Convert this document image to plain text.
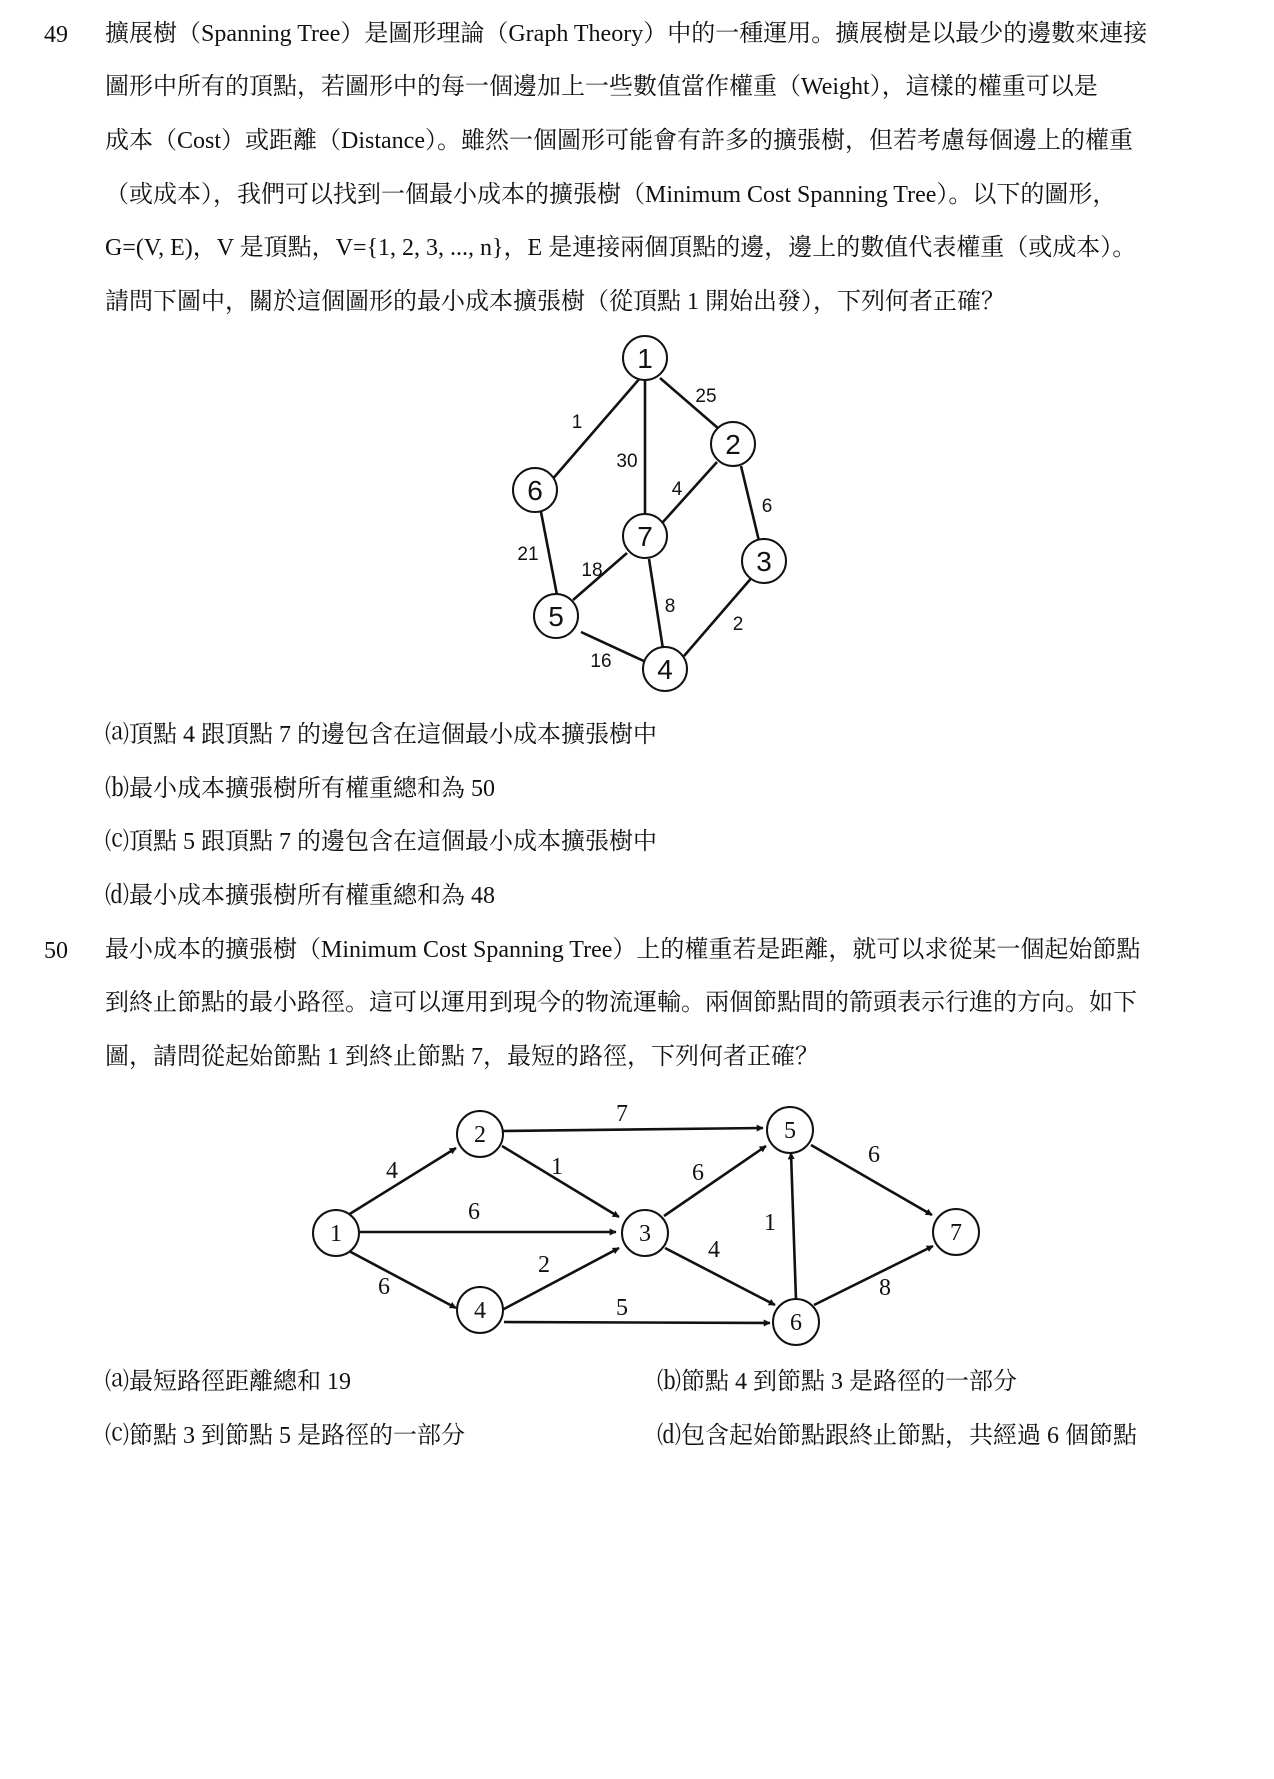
49 擴展樹（Spanning Tree）是圖形理論（Graph Theory）中的一種運用。擴展樹是以最少的邊數來連接
圖形中所有的頂點，若圖形中的每一個邊加上一些數值當作權重（Weight），這樣的權重可以是
成本（Cost）或距離（Distance）。雖然一個圖形可能會有許多的擴張樹，但若考慮每個邊上的權重
（或成本），我們可以找到一個最小成本的擴張樹（Minimum Cost Spanning Tree）。以下的圖形，
G=(V, E)，V 是頂點，V={1, 2, 3, ..., n}，E 是連接兩個頂點的邊，邊上的數值代表權重（或成本）。
請問下圖中，關於這個圖形的最小成本擴張樹（從頂點 1 開始出發），下列何者正確？
1
25
30
4
6
21
18
8
2
16
1
2
6
7
3
5
4
⒜頂點 4 跟頂點 7 的邊包含在這個最小成本擴張樹中
⒝最小成本擴張樹所有權重總和為 50
⒞頂點 5 跟頂點 7 的邊包含在這個最小成本擴張樹中
⒟最小成本擴張樹所有權重總和為 48
50 最小成本的擴張樹（Minimum Cost Spanning Tree）上的權重若是距離，就可以求從某一個起始節點
到終止節點的最小路徑。這可以運用到現今的物流運輸。兩個節點間的箭頭表示行進的方向。如下
圖，請問從起始節點 1 到終止節點 7，最短的路徑，下列何者正確？
4
6
6
7
1
2
5
6
4
1
6
8
1
2
3
4
5
6
7
⒜最短路徑距離總和 19	⒝節點 4 到節點 3 是路徑的一部分
⒞節點 3 到節點 5 是路徑的一部分	⒟包含起始節點跟終止節點，共經過 6 個節點
